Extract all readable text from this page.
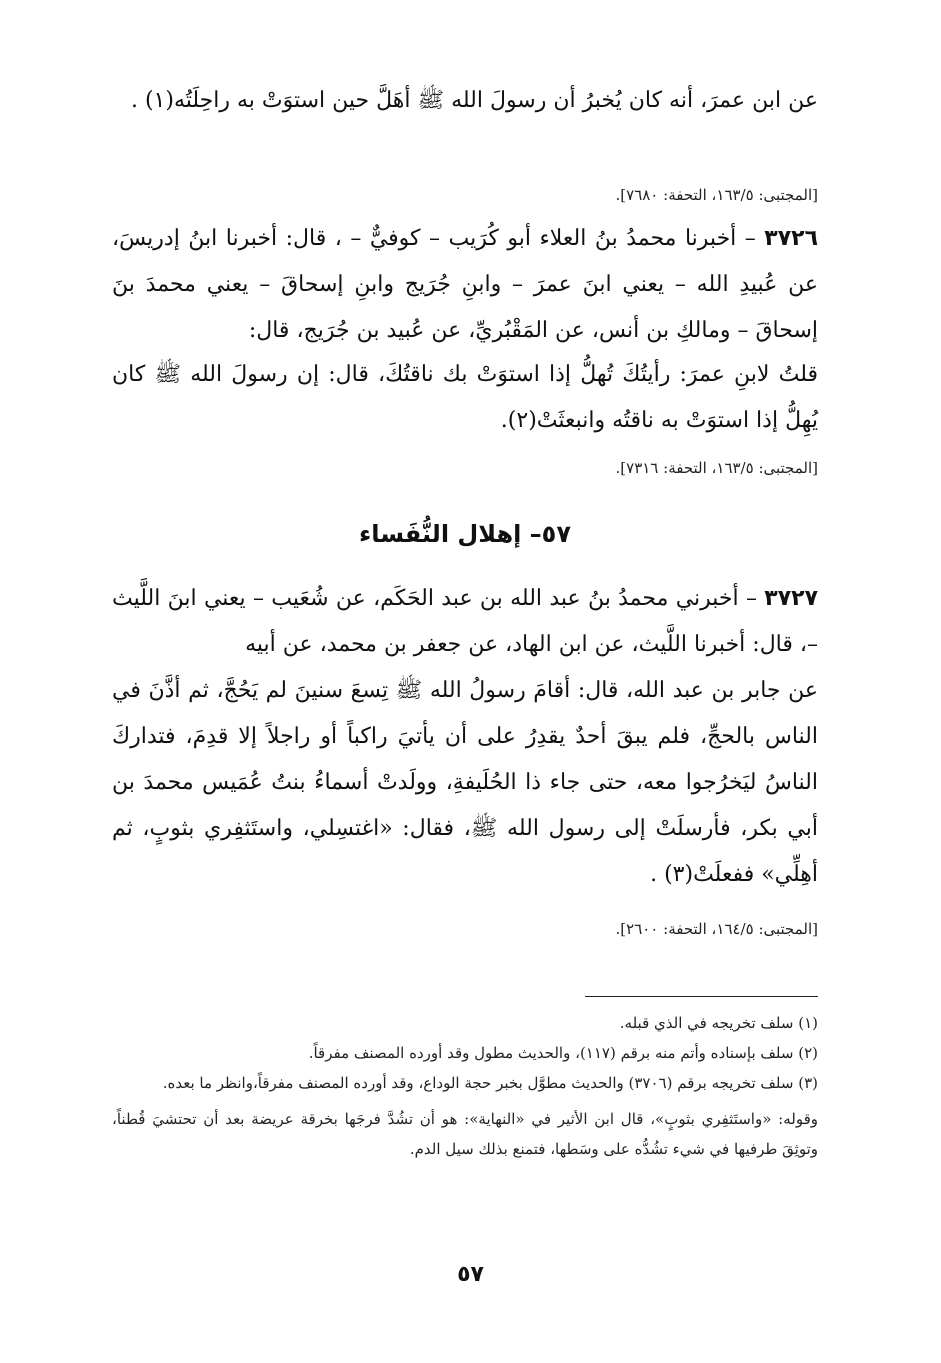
عن ابن عمرَ، أنه كان يُخبرُ أن رسولَ الله ﷺ أهَلَّ حين استوَتْ به راحِلَتُه(١) .

[المجتبى: ١٦٣/٥، التحفة: ٧٦٨٠].

٣٧٢٦ – أخبرنا محمدُ بنُ العلاء أبو كُرَيب – كوفيٌّ – ، قال: أخبرنا ابنُ إدريسَ، عن عُبيدِ الله – يعني ابنَ عمرَ – وابنِ جُرَيج وابنِ إسحاقَ – يعني محمدَ بنَ إسحاقَ – ومالكِ بن أنس، عن المَقْبُريِّ، عن عُبيد بن جُرَيج، قال:

قلتُ لابنِ عمرَ: رأيتُكَ تُهلُّ إذا استوَتْ بك ناقتُكَ، قال: إن رسولَ الله ﷺ كان يُهِلُّ إذا استوَتْ به ناقتُه وانبعثَتْ(٢).

[المجتبى: ١٦٣/٥، التحفة: ٧٣١٦].

٥٧– إهلال النُّفَساء

٣٧٢٧ – أخبرني محمدُ بنُ عبد الله بن عبد الحَكَم، عن شُعَيب – يعني ابنَ اللَّيث –، قال: أخبرنا اللَّيث، عن ابن الهاد، عن جعفر بن محمد، عن أبيه

عن جابر بن عبد الله، قال: أقامَ رسولُ الله ﷺ تِسعَ سنينَ لم يَحُجَّ، ثم أذَّنَ في الناس بالحجِّ، فلم يبقَ أحدٌ يقدِرُ على أن يأتيَ راكباً أو راجلاً إلا قدِمَ، فتداركَ الناسُ ليَخرُجوا معه، حتى جاء ذا الحُلَيفةِ، وولَدتْ أسماءُ بنتُ عُمَيس محمدَ بن أبي بكر، فأرسلَتْ إلى رسول الله ﷺ، فقال: «اغتسِلي، واستَثفِري بثوبٍ، ثم أهِلِّي» ففعلَتْ(٣) .

[المجتبى: ١٦٤/٥، التحفة: ٢٦٠٠].

(١) سلف تخريجه في الذي قبله.

(٢) سلف بإسناده وأتم منه برقم (١١٧)، والحديث مطول وقد أورده المصنف مفرقاً.

(٣) سلف تخريجه برقم (٣٧٠٦) والحديث مطوَّل بخبر حجة الوداع، وقد أورده المصنف مفرقاً،وانظر ما بعده.

وقوله: «واستَثفِري بثوبٍ»، قال ابن الأثير في «النهاية»: هو أن تشُدَّ فرجَها بخرقة عريضة بعد أن تحتشيَ قُطناً، وتوثِقَ طرفيها في شيء تشُدُّه على وسَطها، فتمنع بذلك سيل الدم.

٥٧
